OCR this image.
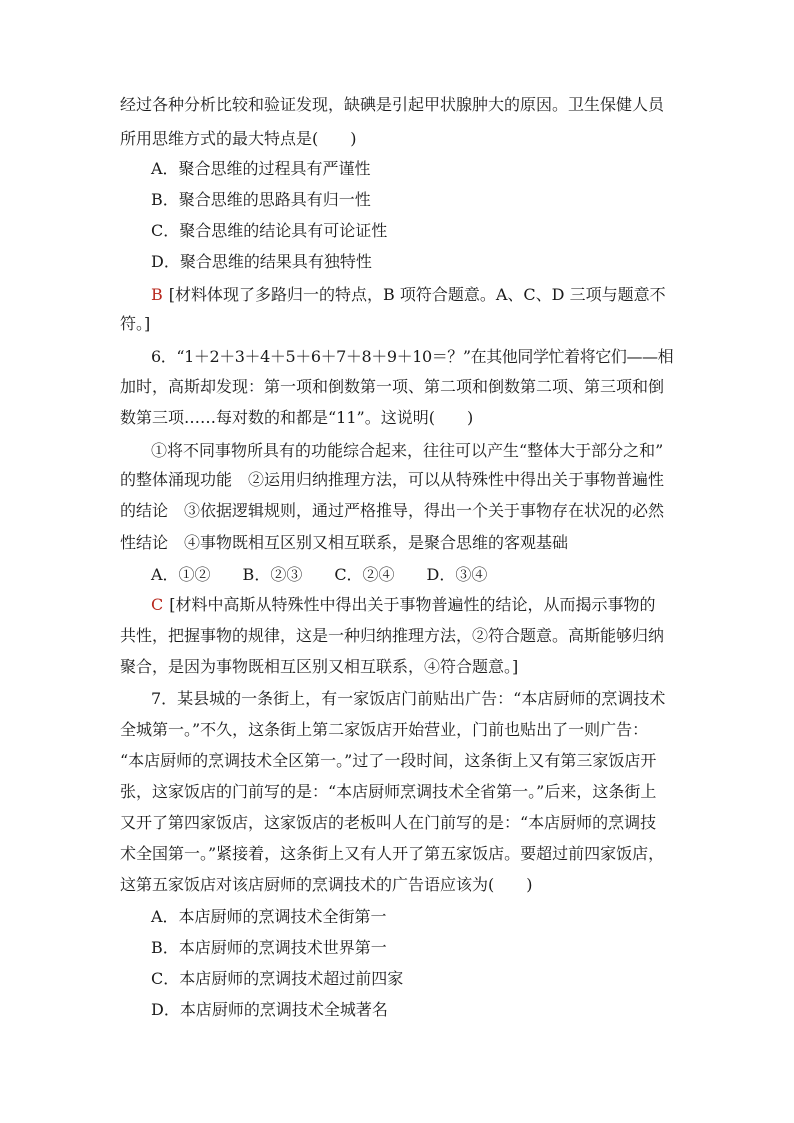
经过各种分析比较和验证发现，缺碘是引起甲状腺肿大的原因。卫生保健人员
所用思维方式的最大特点是(　　)
A．聚合思维的过程具有严谨性
B．聚合思维的思路具有归一性
C．聚合思维的结论具有可论证性
D．聚合思维的结果具有独特性
B [材料体现了多路归一的特点，B 项符合题意。A、C、D 三项与题意不
符。]
6．“1＋2＋3＋4＋5＋6＋7＋8＋9＋10＝？”在其他同学忙着将它们——相
加时，高斯却发现：第一项和倒数第一项、第二项和倒数第二项、第三项和倒
数第三项……每对数的和都是“11”。这说明(　　)
①将不同事物所具有的功能综合起来，往往可以产生“整体大于部分之和”
的整体涌现功能　②运用归纳推理方法，可以从特殊性中得出关于事物普遍性
的结论　③依据逻辑规则，通过严格推导，得出一个关于事物存在状况的必然
性结论　④事物既相互区别又相互联系，是聚合思维的客观基础
A．①②　　B．②③　　C．②④　　D．③④
C [材料中高斯从特殊性中得出关于事物普遍性的结论，从而揭示事物的
共性，把握事物的规律，这是一种归纳推理方法，②符合题意。高斯能够归纳
聚合，是因为事物既相互区别又相互联系，④符合题意。]
7．某县城的一条街上，有一家饭店门前贴出广告：“本店厨师的烹调技术
全城第一。”不久，这条街上第二家饭店开始营业，门前也贴出了一则广告：
“本店厨师的烹调技术全区第一。”过了一段时间，这条街上又有第三家饭店开
张，这家饭店的门前写的是：“本店厨师烹调技术全省第一。”后来，这条街上
又开了第四家饭店，这家饭店的老板叫人在门前写的是：“本店厨师的烹调技
术全国第一。”紧接着，这条街上又有人开了第五家饭店。要超过前四家饭店，
这第五家饭店对该店厨师的烹调技术的广告语应该为(　　)
A．本店厨师的烹调技术全街第一
B．本店厨师的烹调技术世界第一
C．本店厨师的烹调技术超过前四家
D．本店厨师的烹调技术全城著名
